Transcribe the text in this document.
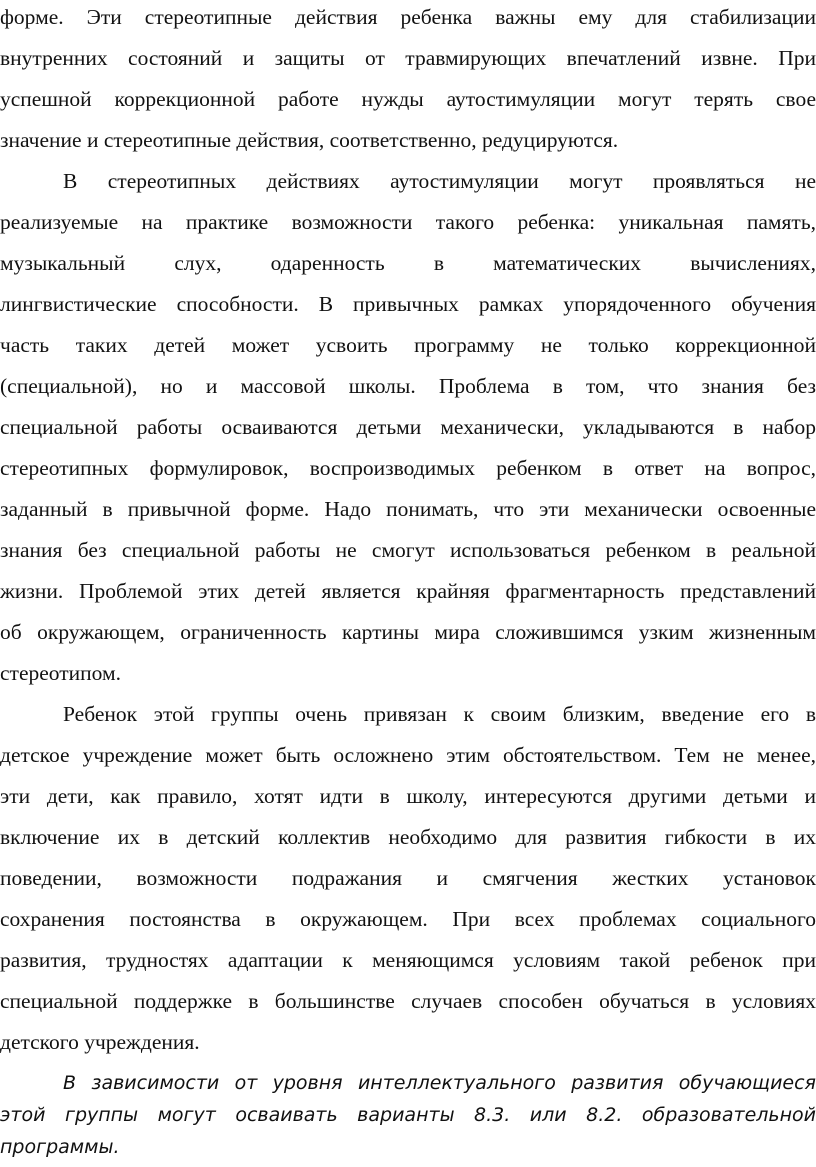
форме. Эти стереотипные действия ребенка важны ему для стабилизации
внутренних состояний и защиты от травмирующих впечатлений извне. При
успешной коррекционной работе нужды аутостимуляции могут терять свое
значение и стереотипные действия, соответственно, редуцируются.
В стереотипных действиях аутостимуляции могут проявляться не
реализуемые на практике возможности такого ребенка: уникальная память,
музыкальный слух, одаренность в математических вычислениях,
лингвистические способности. В привычных рамках упорядоченного обучения
часть таких детей может усвоить программу не только коррекционной
(специальной), но и массовой школы. Проблема в том, что знания без
специальной работы осваиваются детьми механически, укладываются в набор
стереотипных формулировок, воспроизводимых ребенком в ответ на вопрос,
заданный в привычной форме. Надо понимать, что эти механически освоенные
знания без специальной работы не смогут использоваться ребенком в реальной
жизни. Проблемой этих детей является крайняя фрагментарность представлений
об окружающем, ограниченность картины мира сложившимся узким жизненным
стереотипом.
Ребенок этой группы очень привязан к своим близким, введение его в
детское учреждение может быть осложнено этим обстоятельством. Тем не менее,
эти дети, как правило, хотят идти в школу, интересуются другими детьми и
включение их в детский коллектив необходимо для развития гибкости в их
поведении, возможности подражания и смягчения жестких установок
сохранения постоянства в окружающем. При всех проблемах социального
развития, трудностях адаптации к меняющимся условиям такой ребенок при
специальной поддержке в большинстве случаев способен обучаться в условиях
детского учреждения.
В зависимости от уровня интеллектуального развития обучающиеся
этой группы могут осваивать варианты 8.3. или 8.2. образовательной
программы.
